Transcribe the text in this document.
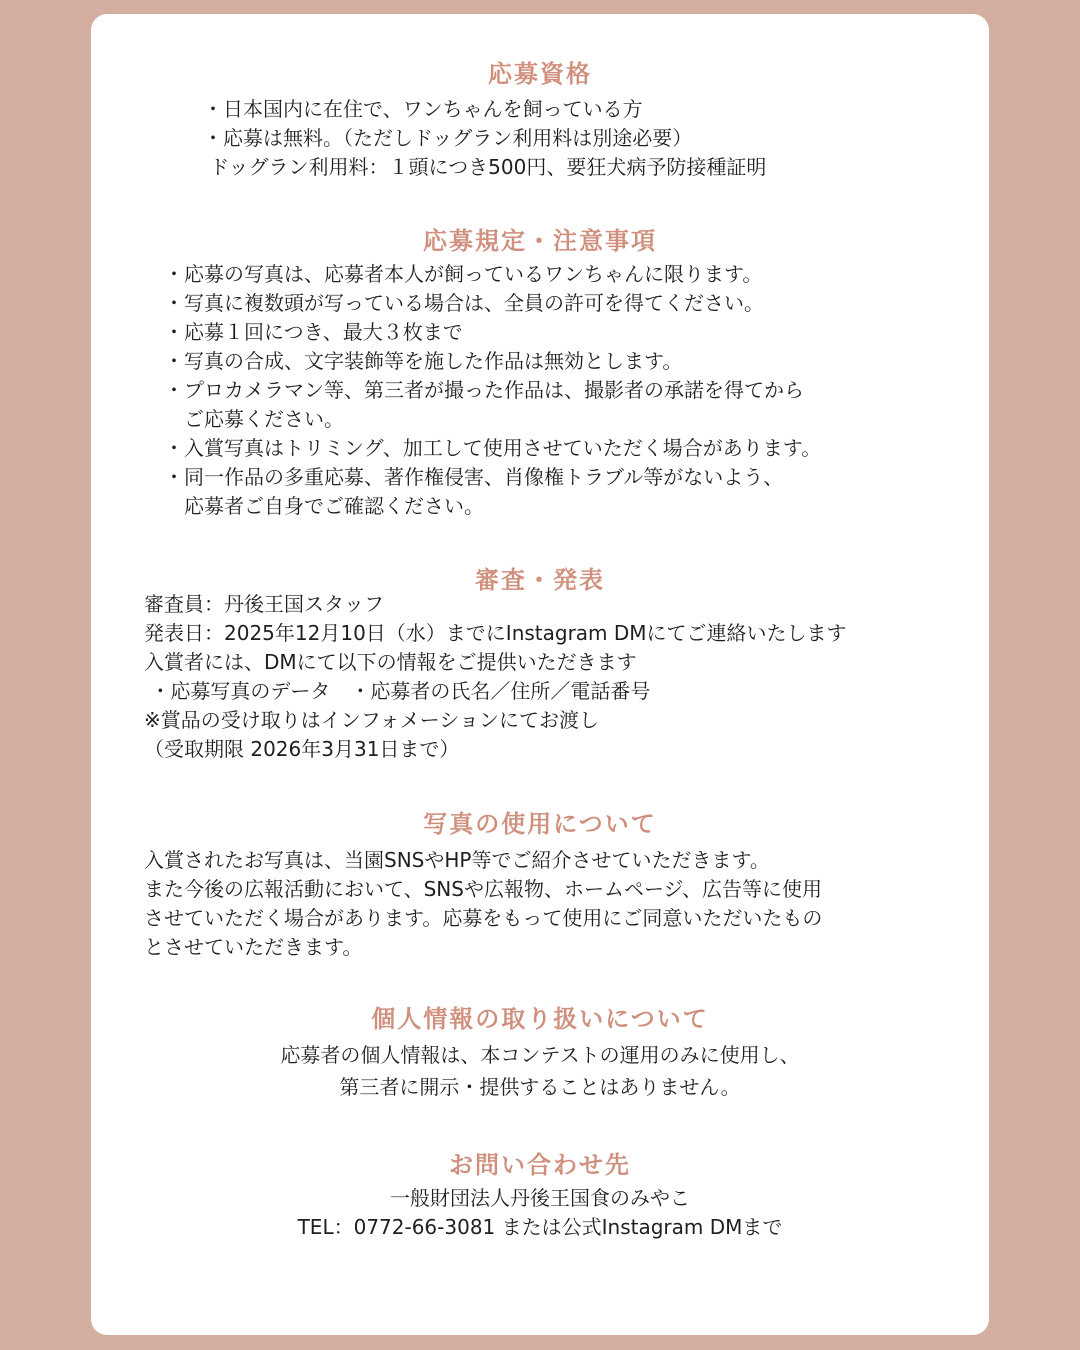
応募資格
・日本国内に在住で、ワンちゃんを飼っている方
・応募は無料。（ただしドッグラン利用料は別途必要）
ドッグラン利用料：１頭につき500円、要狂犬病予防接種証明
応募規定・注意事項
・応募の写真は、応募者本人が飼っているワンちゃんに限ります。
・写真に複数頭が写っている場合は、全員の許可を得てください。
・応募１回につき、最大３枚まで
・写真の合成、文字装飾等を施した作品は無効とします。
・プロカメラマン等、第三者が撮った作品は、撮影者の承諾を得てから
　ご応募ください。
・入賞写真はトリミング、加工して使用させていただく場合があります。
・同一作品の多重応募、著作権侵害、肖像権トラブル等がないよう、
　応募者ご自身でご確認ください。
審査・発表
審査員：丹後王国スタッフ
発表日：2025年12月10日（水）までにInstagram DMにてご連絡いたします
入賞者には、DMにて以下の情報をご提供いただきます
・応募写真のデータ　・応募者の氏名／住所／電話番号
※賞品の受け取りはインフォメーションにてお渡し
（受取期限 2026年3月31日まで）
写真の使用について
入賞されたお写真は、当園SNSやHP等でご紹介させていただきます。
また今後の広報活動において、SNSや広報物、ホームページ、広告等に使用
させていただく場合があります。応募をもって使用にご同意いただいたもの
とさせていただきます。
個人情報の取り扱いについて
応募者の個人情報は、本コンテストの運用のみに使用し、
第三者に開示・提供することはありません。
お問い合わせ先
一般財団法人丹後王国食のみやこ
TEL：0772-66-3081 または公式Instagram DMまで
